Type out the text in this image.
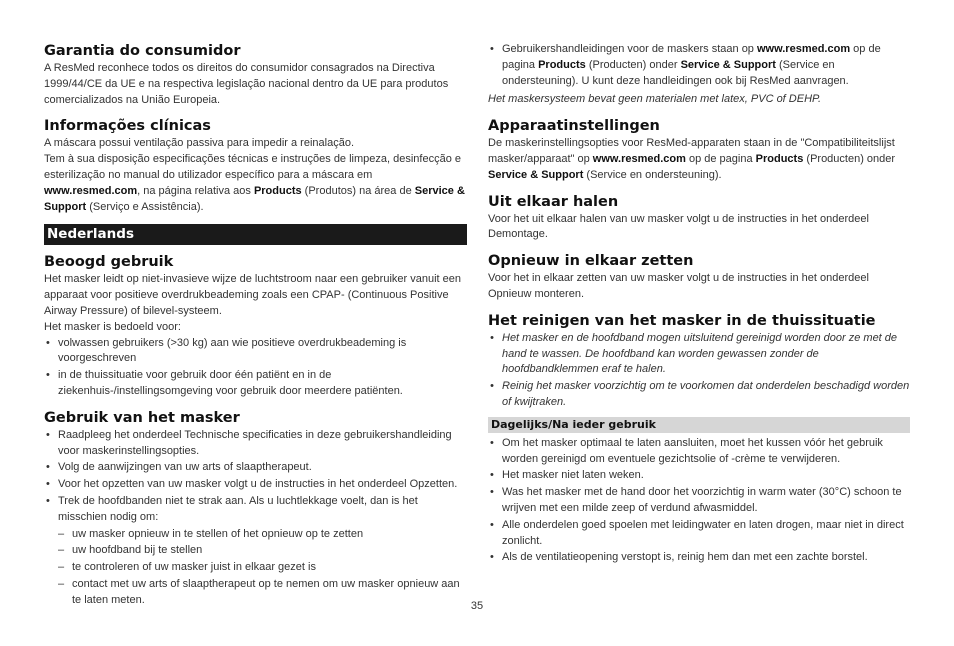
Garantia do consumidor

A ResMed reconhece todos os direitos do consumidor consagrados na Directiva 1999/44/CE da UE e na respectiva legislação nacional dentro da UE para produtos comercializados na União Europeia.

Informações clínicas

A máscara possui ventilação passiva para impedir a reinalação.

Tem à sua disposição especificações técnicas e instruções de limpeza, desinfecção e esterilização no manual do utilizador específico para a máscara em www.resmed.com, na página relativa aos Products (Produtos) na área de Service & Support (Serviço e Assistência).

Nederlands
Beoogd gebruik

Het masker leidt op niet-invasieve wijze de luchtstroom naar een gebruiker vanuit een apparaat voor positieve overdrukbeademing zoals een CPAP- (Continuous Positive Airway Pressure) of bilevel-systeem.

Het masker is bedoeld voor:

• volwassen gebruikers (>30 kg) aan wie positieve overdrukbeademing is voorgeschreven
• in de thuissituatie voor gebruik door één patiënt en in de ziekenhuis-/instellingsomgeving voor gebruik door meerdere patiënten.
Gebruik van het masker
• Raadpleeg het onderdeel Technische specificaties in deze gebruikershandleiding voor maskerinstellingsopties.
• Volg de aanwijzingen van uw arts of slaaptherapeut.
• Voor het opzetten van uw masker volgt u de instructies in het onderdeel Opzetten.
• Trek de hoofdbanden niet te strak aan. Als u luchtlekkage voelt, dan is het misschien nodig om:
– uw masker opnieuw in te stellen of het opnieuw op te zetten
– uw hoofdband bij te stellen
– te controleren of uw masker juist in elkaar gezet is
– contact met uw arts of slaaptherapeut op te nemen om uw masker opnieuw aan te laten meten.
• Gebruikershandleidingen voor de maskers staan op www.resmed.com op de pagina Products (Producten) onder Service & Support (Service en ondersteuning). U kunt deze handleidingen ook bij ResMed aanvragen.

Het maskersysteem bevat geen materialen met latex, PVC of DEHP.

Apparaatinstellingen

De maskerinstellingsopties voor ResMed-apparaten staan in de "Compatibiliteitslijst masker/apparaat" op www.resmed.com op de pagina Products (Producten) onder Service & Support (Service en ondersteuning).

Uit elkaar halen

Voor het uit elkaar halen van uw masker volgt u de instructies in het onderdeel Demontage.

Opnieuw in elkaar zetten

Voor het in elkaar zetten van uw masker volgt u de instructies in het onderdeel Opnieuw monteren.

Het reinigen van het masker in de thuissituatie
• Het masker en de hoofdband mogen uitsluitend gereinigd worden door ze met de hand te wassen. De hoofdband kan worden gewassen zonder de hoofdbandklemmen eraf te halen.
• Reinig het masker voorzichtig om te voorkomen dat onderdelen beschadigd worden of kwijtraken.
Dagelijks/Na ieder gebruik
• Om het masker optimaal te laten aansluiten, moet het kussen vóór het gebruik worden gereinigd om eventuele gezichtsolie of -crème te verwijderen.
• Het masker niet laten weken.
• Was het masker met de hand door het voorzichtig in warm water (30°C) schoon te wrijven met een milde zeep of verdund afwasmiddel.
• Alle onderdelen goed spoelen met leidingwater en laten drogen, maar niet in direct zonlicht.
• Als de ventilatieopening verstopt is, reinig hem dan met een zachte borstel.
35
